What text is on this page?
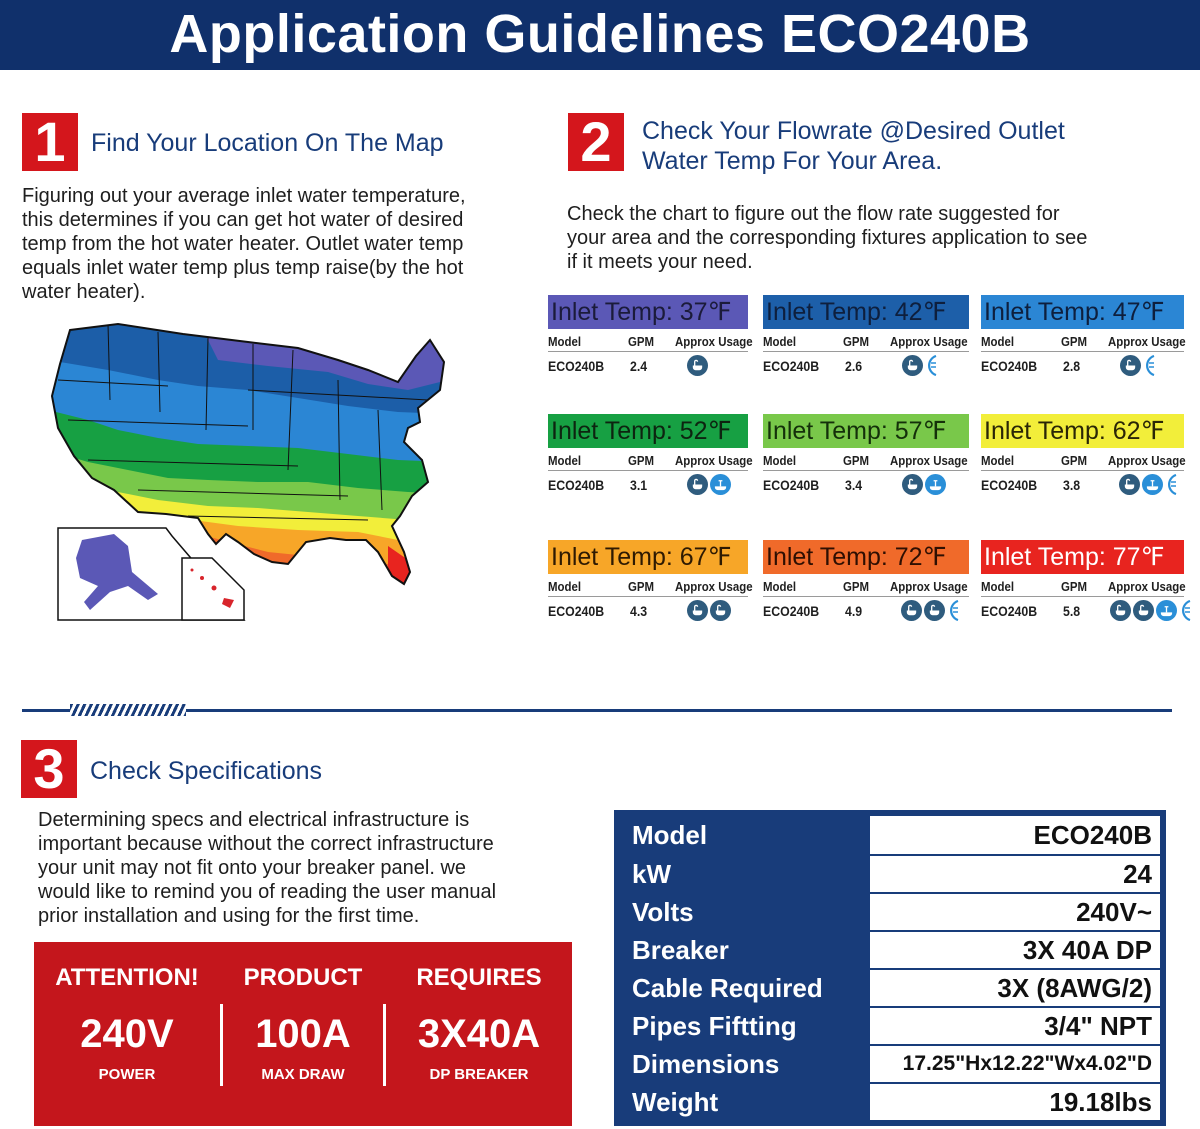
Application Guidelines ECO240B
1	Find Your Location On The Map
Figuring out your average inlet water temperature,
this determines if you can get hot water of desired
temp from the hot water heater. Outlet water temp
equals inlet water temp plus temp raise(by the hot
water heater).
2	Check Your Flowrate @Desired Outlet
Water Temp For Your Area.
Check the chart to figure out the flow rate suggested for
your area and the corresponding fixtures application to see
if it meets your need.
Inlet Temp: 37℉
Model	GPM Approx Usage
ECO240B 2.4
Inlet Temp: 42℉
Model	GPM Approx Usage
ECO240B 2.6
Inlet Temp: 47℉
Model	GPM Approx Usage
ECO240B 2.8
Inlet Temp: 52℉
Model	GPM Approx Usage
ECO240B 3.1
Inlet Temp: 57℉
Model	GPM Approx Usage
ECO240B 3.4
Inlet Temp: 62℉
Model	GPM Approx Usage
ECO240B 3.8
Inlet Temp: 67℉
Model	GPM Approx Usage
ECO240B 4.3
Inlet Temp: 72℉
Model	GPM Approx Usage
ECO240B 4.9
Inlet Temp: 77℉
Model	GPM Approx Usage
ECO240B 5.8
3	Check Specifications
Determining specs and electrical infrastructure is
important because without the correct infrastructure
your unit may not fit onto your breaker panel. we
would like to remind you of reading the user manual
prior installation and using for the first time.
ATTENTION!
240V
POWER
PRODUCT
100A
MAX DRAW
REQUIRES
3X40A
DP BREAKER
Model	ECO240B
kW	24
Volts	240V~
Breaker	3X 40A DP
Cable Required	3X (8AWG/2)
Pipes Fiftting	3/4" NPT
Dimensions	17.25"Hx12.22"Wx4.02"D
Weight	19.18lbs
